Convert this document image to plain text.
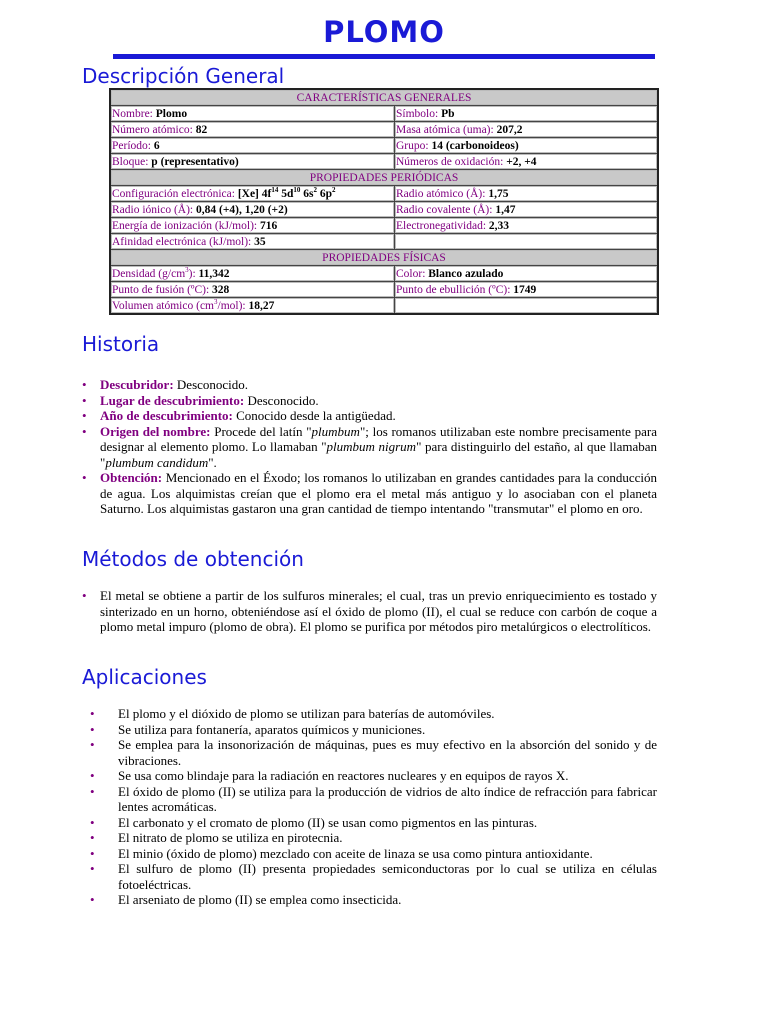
PLOMO
Descripción General
CARACTERÍSTICAS GENERALES	
Nombre: Plomo	Símbolo: Pb
Número atómico: 82	Masa atómica (uma): 207,2
Período: 6	Grupo: 14 (carbonoideos)
Bloque: p (representativo)	Números de oxidación: +2, +4
PROPIEDADES PERIÓDICAS	
Configuración electrónica: [Xe] $4f^{14}$ $5d^{10}$ $6s^2$ $6p^2$	Radio atómico (Å): 1,75
Radio iónico (Å): 0,84 (+4), 1,20 (+2)	Radio covalente (Å): 1,47
Energía de ionización (kJ/mol): 716	Electronegatividad: 2,33
Afinidad electrónica (kJ/mol): 35	
PROPIEDADES FÍSICAS	
Densidad $(g/cm^3)$: 11,342	Color: Blanco azulado
Punto de fusión (ºC): 328	Punto de ebullición (ºC): 1749
Volumen atómico $(cm^3/mol)$: 18,27	
Historia
• Descubridor: Desconocido.
• Lugar de descubrimiento: Desconocido.
• Año de descubrimiento: Conocido desde la antigüedad.
• Origen del nombre: Procede del latín "plumbum"; los romanos utilizaban este nombre precisamente para designar al elemento plomo. Lo llamaban "plumbum nigrum" para distinguirlo del estaño, al que llamaban "plumbum candidum".
• Obtención: Mencionado en el Éxodo; los romanos lo utilizaban en grandes cantidades para la conducción de agua. Los alquimistas creían que el plomo era el metal más antiguo y lo asociaban con el planeta Saturno. Los alquimistas gastaron una gran cantidad de tiempo intentando "transmutar" el plomo en oro.
Métodos de obtención
• El metal se obtiene a partir de los sulfuros minerales; el cual, tras un previo enriquecimiento es tostado y sinterizado en un horno, obteniéndose así el óxido de plomo (II), el cual se reduce con carbón de coque a plomo metal impuro (plomo de obra). El plomo se purifica por métodos piro metalúrgicos o electrolíticos.
Aplicaciones
• El plomo y el dióxido de plomo se utilizan para baterías de automóviles.
• Se utiliza para fontanería, aparatos químicos y municiones.
• Se emplea para la insonorización de máquinas, pues es muy efectivo en la absorción del sonido y de vibraciones.
• Se usa como blindaje para la radiación en reactores nucleares y en equipos de rayos X.
• El óxido de plomo (II) se utiliza para la producción de vidrios de alto índice de refracción para fabricar lentes acromáticas.
• El carbonato y el cromato de plomo (II) se usan como pigmentos en las pinturas.
• El nitrato de plomo se utiliza en pirotecnia.
• El minio (óxido de plomo) mezclado con aceite de linaza se usa como pintura antioxidante.
• El sulfuro de plomo (II) presenta propiedades semiconductoras por lo cual se utiliza en células fotoeléctricas.
• El arseniato de plomo (II) se emplea como insecticida.
